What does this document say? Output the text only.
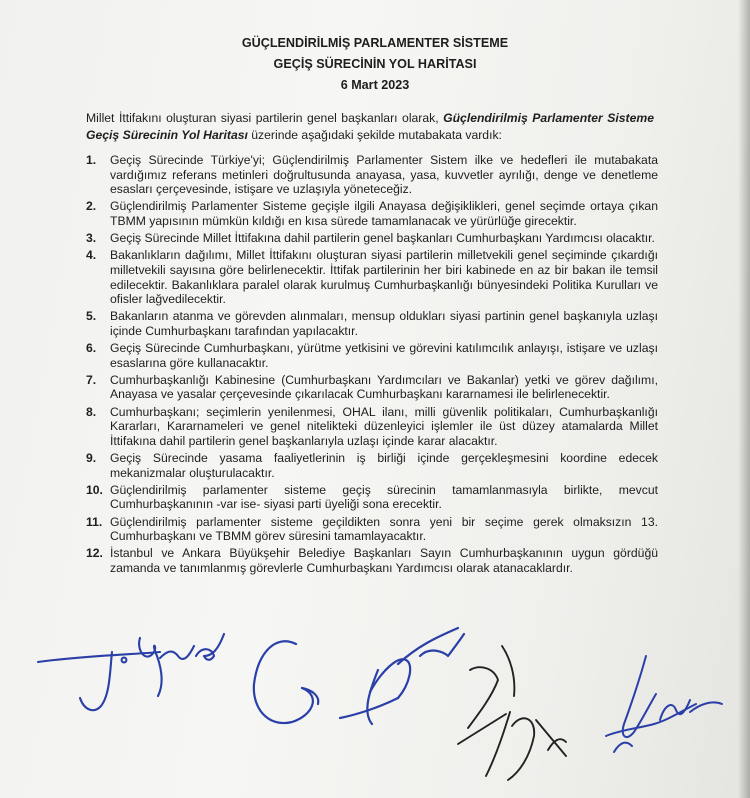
GÜÇLENDİRİLMİŞ PARLAMENTER SİSTEME
GEÇİŞ SÜRECİNİN YOL HARİTASI
6 Mart 2023

Millet İttifakını oluşturan siyasi partilerin genel başkanları olarak, Güçlendirilmiş Parlamenter Sisteme Geçiş Sürecinin Yol Haritası üzerinde aşağıdaki şekilde mutabakata vardık:

1. Geçiş Sürecinde Türkiye'yi; Güçlendirilmiş Parlamenter Sistem ilke ve hedefleri ile mutabakata vardığımız referans metinleri doğrultusunda anayasa, yasa, kuvvetler ayrılığı, denge ve denetleme esasları çerçevesinde, istişare ve uzlaşıyla yöneteceğiz.
2. Güçlendirilmiş Parlamenter Sisteme geçişle ilgili Anayasa değişiklikleri, genel seçimde ortaya çıkan TBMM yapısının mümkün kıldığı en kısa sürede tamamlanacak ve yürürlüğe girecektir.
3. Geçiş Sürecinde Millet İttifakına dahil partilerin genel başkanları Cumhurbaşkanı Yardımcısı olacaktır.
4. Bakanlıkların dağılımı, Millet İttifakını oluşturan siyasi partilerin milletvekili genel seçiminde çıkardığı milletvekili sayısına göre belirlenecektir. İttifak partilerinin her biri kabinede en az bir bakan ile temsil edilecektir. Bakanlıklara paralel olarak kurulmuş Cumhurbaşkanlığı bünyesindeki Politika Kurulları ve ofisler lağvedilecektir.
5. Bakanların atanma ve görevden alınmaları, mensup oldukları siyasi partinin genel başkanıyla uzlaşı içinde Cumhurbaşkanı tarafından yapılacaktır.
6. Geçiş Sürecinde Cumhurbaşkanı, yürütme yetkisini ve görevini katılımcılık anlayışı, istişare ve uzlaşı esaslarına göre kullanacaktır.
7. Cumhurbaşkanlığı Kabinesine (Cumhurbaşkanı Yardımcıları ve Bakanlar) yetki ve görev dağılımı, Anayasa ve yasalar çerçevesinde çıkarılacak Cumhurbaşkanı kararnamesi ile belirlenecektir.
8. Cumhurbaşkanı; seçimlerin yenilenmesi, OHAL ilanı, milli güvenlik politikaları, Cumhurbaşkanlığı Kararları, Kararnameleri ve genel nitelikteki düzenleyici işlemler ile üst düzey atamalarda Millet İttifakına dahil partilerin genel başkanlarıyla uzlaşı içinde karar alacaktır.
9. Geçiş Sürecinde yasama faaliyetlerinin iş birliği içinde gerçekleşmesini koordine edecek mekanizmalar oluşturulacaktır.
10. Güçlendirilmiş parlamenter sisteme geçiş sürecinin tamamlanmasıyla birlikte, mevcut Cumhurbaşkanının -var ise- siyasi parti üyeliği sona erecektir.
11. Güçlendirilmiş parlamenter sisteme geçildikten sonra yeni bir seçime gerek olmaksızın 13. Cumhurbaşkanı ve TBMM görev süresini tamamlayacaktır.
12. İstanbul ve Ankara Büyükşehir Belediye Başkanları Sayın Cumhurbaşkanının uygun gördüğü zamanda ve tanımlanmış görevlerle Cumhurbaşkanı Yardımcısı olarak atanacaklardır.
